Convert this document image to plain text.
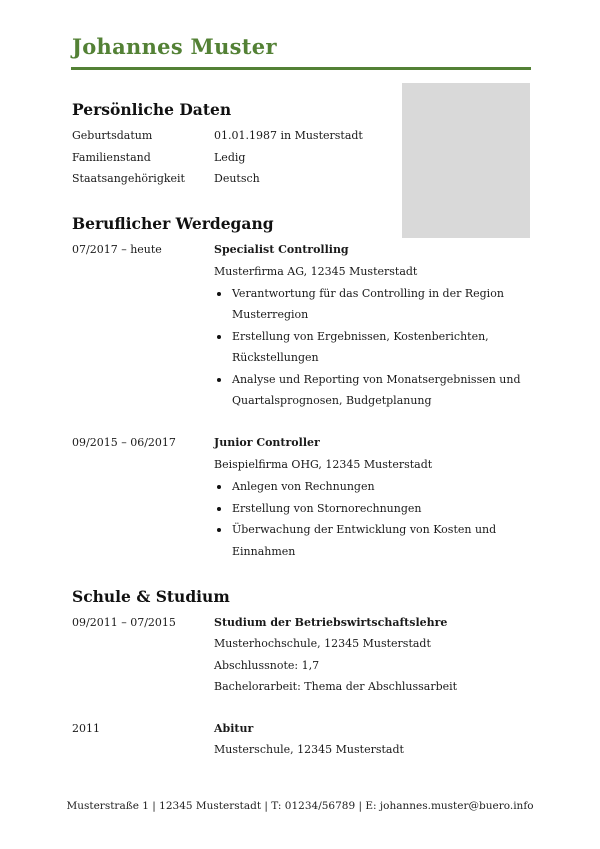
Johannes Muster
Persönliche Daten
Geburtsdatum	01.01.1987 in Musterstadt
Familienstand	Ledig
Staatsangehörigkeit	Deutsch
Beruflicher Werdegang
07/2017 – heute	Specialist Controlling
Musterfirma AG, 12345 Musterstadt
Verantwortung für das Controlling in der Region
Musterregion
Erstellung von Ergebnissen, Kostenberichten,
Rückstellungen
Analyse und Reporting von Monatsergebnissen und
Quartalsprognosen, Budgetplanung
09/2015 – 06/2017	Junior Controller
Beispielfirma OHG, 12345 Musterstadt
Anlegen von Rechnungen
Erstellung von Stornorechnungen
Überwachung der Entwicklung von Kosten und
Einnahmen
Schule & Studium
09/2011 – 07/2015	Studium der Betriebswirtschaftslehre
Musterhochschule, 12345 Musterstadt
Abschlussnote: 1,7
Bachelorarbeit: Thema der Abschlussarbeit
2011	Abitur
Musterschule, 12345 Musterstadt
Musterstraße 1 | 12345 Musterstadt | T: 01234/56789 | E: johannes.muster@buero.info
